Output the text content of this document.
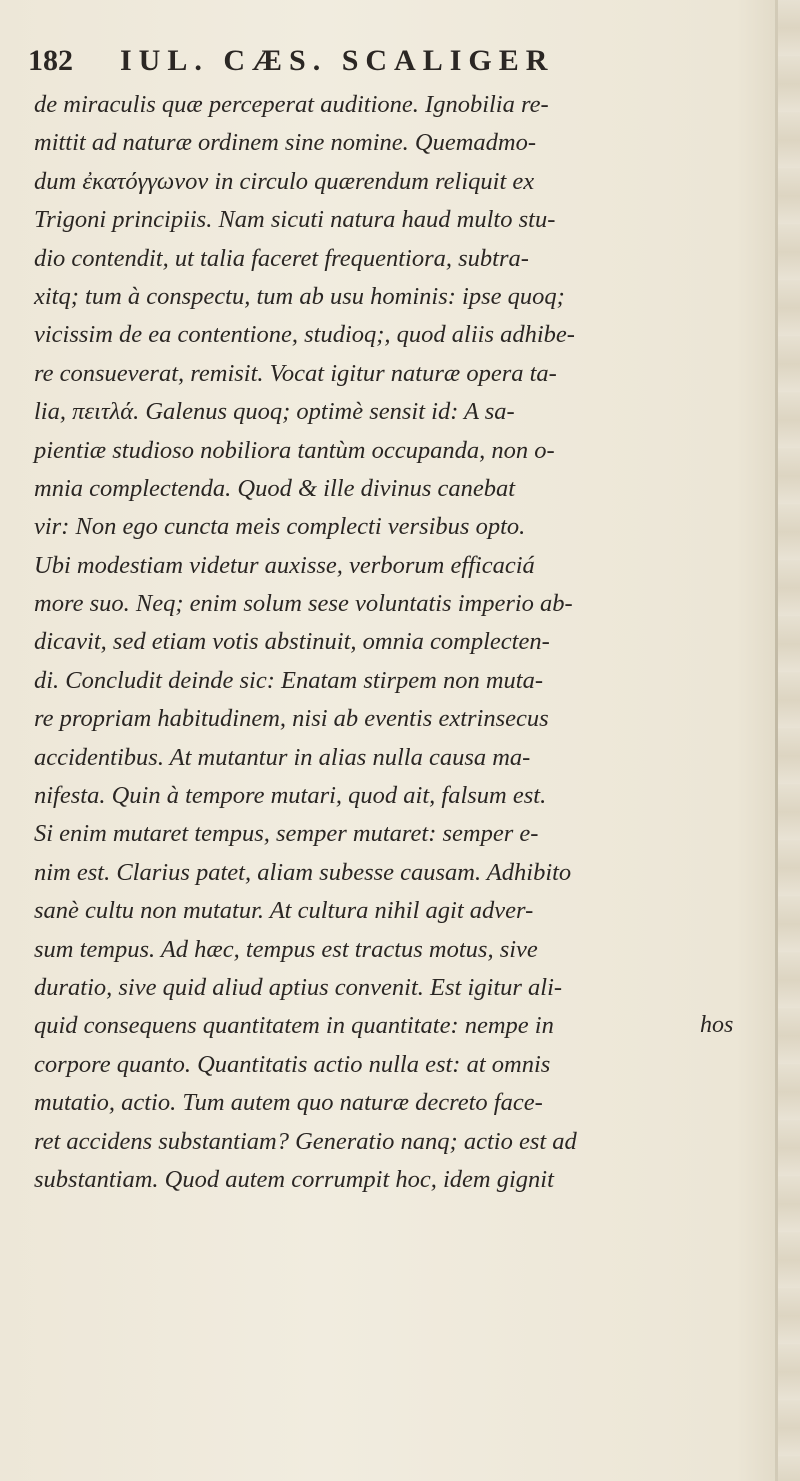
182 IUL. CÆS. SCALIGER
de miraculis quæ perceperat auditione. Ignobilia re-
mittit ad naturæ ordinem sine nomine. Quemadmo-
dum ἐκατόγγωνον in circulo quærendum reliquit ex
Trigoni principiis. Nam sicuti natura haud multo stu-
dio contendit, ut talia faceret frequentiora, subtra-
xitq; tum à conspectu, tum ab usu hominis: ipse quoq;
vicissim de ea contentione, studioq;, quod aliis adhibe-
re consueverat, remisit. Vocat igitur naturæ opera ta-
lia, πειτλά. Galenus quoq; optimè sensit id: A sa-
pientiæ studioso nobiliora tantùm occupanda, non o-
mnia complectenda. Quod & ille divinus canebat
vir: Non ego cuncta meis complecti versibus opto.
Ubi modestiam videtur auxisse, verborum efficaciá
more suo. Neq; enim solum sese voluntatis imperio ab-
dicavit, sed etiam votis abstinuit, omnia complecten-
di. Concludit deinde sic: Enatam stirpem non muta-
re propriam habitudinem, nisi ab eventis extrinsecus
accidentibus. At mutantur in alias nulla causa ma-
nifesta. Quin à tempore mutari, quod ait, falsum est.
Si enim mutaret tempus, semper mutaret: semper e-
nim est. Clarius patet, aliam subesse causam. Adhibito
sanè cultu non mutatur. At cultura nihil agit adver-
sum tempus. Ad hæc, tempus est tractus motus, sive
duratio, sive quid aliud aptius convenit. Est igitur ali-
quid consequens quantitatem in quantitate: nempe in
corpore quanto. Quantitatis actio nulla est: at omnis
mutatio, actio. Tum autem quo naturæ decreto face-
ret accidens substantiam? Generatio nanq; actio est ad
substantiam. Quod autem corrumpit hoc, idem gignit
hos
